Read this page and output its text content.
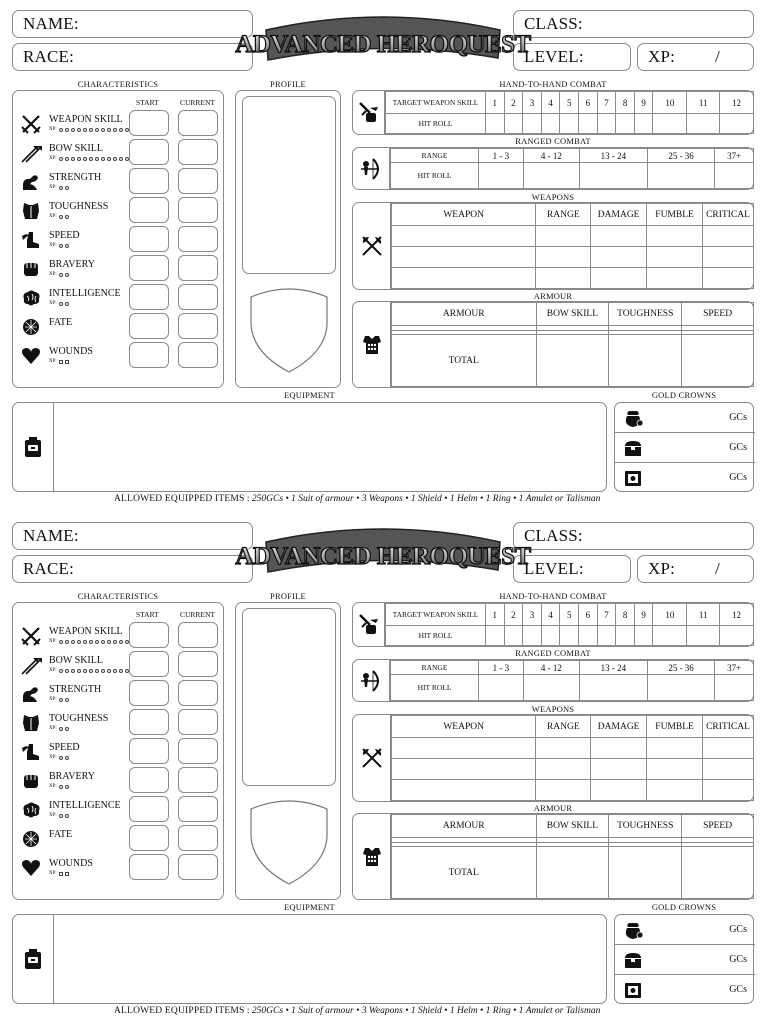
NAME:
RACE:
CLASS:
LEVEL:	XP: /
ADVANCED HEROQUEST
CHARACTERISTICS	PROFILE	HAND-TO-HAND COMBAT
START	CURRENT
WEAPON SKILL
XP:
BOW SKILL
XP:
STRENGTH
XP:
TOUGHNESS
XP:
SPEED
XP:
BRAVERY
XP:
INTELLIGENCE
XP:
FATE
WOUNDS
XP:
TARGET WEAPON SKILL	1	2	3	4	5	6	7	8	9	10	11	12
HIT ROLL												
RANGED COMBAT
RANGE	1 - 3	4 - 12	13 - 24	25 - 36	37+
HIT ROLL					
WEAPONS
WEAPON	RANGE	DAMAGE	FUMBLE	CRITICAL

ARMOUR
ARMOUR	BOW SKILL	TOUGHNESS	SPEED

TOTAL			
EQUIPMENT	GOLD CROWNS
GCs
GCs
GCs
ALLOWED EQUIPPED ITEMS : 250GCs • 1 Suit of armour • 3 Weapons • 1 Shield • 1 Helm • 1 Ring • 1 Amulet or Talisman
NAME:
RACE:
CLASS:
LEVEL:	XP: /
ADVANCED HEROQUEST
CHARACTERISTICS	PROFILE	HAND-TO-HAND COMBAT
START	CURRENT
WEAPON SKILL
XP:
BOW SKILL
XP:
STRENGTH
XP:
TOUGHNESS
XP:
SPEED
XP:
BRAVERY
XP:
INTELLIGENCE
XP:
FATE
WOUNDS
XP:
TARGET WEAPON SKILL	1	2	3	4	5	6	7	8	9	10	11	12
HIT ROLL												
RANGED COMBAT
RANGE	1 - 3	4 - 12	13 - 24	25 - 36	37+
HIT ROLL					
WEAPONS
WEAPON	RANGE	DAMAGE	FUMBLE	CRITICAL

ARMOUR
ARMOUR	BOW SKILL	TOUGHNESS	SPEED

TOTAL			
EQUIPMENT	GOLD CROWNS
GCs
GCs
GCs
ALLOWED EQUIPPED ITEMS : 250GCs • 1 Suit of armour • 3 Weapons • 1 Shield • 1 Helm • 1 Ring • 1 Amulet or Talisman
